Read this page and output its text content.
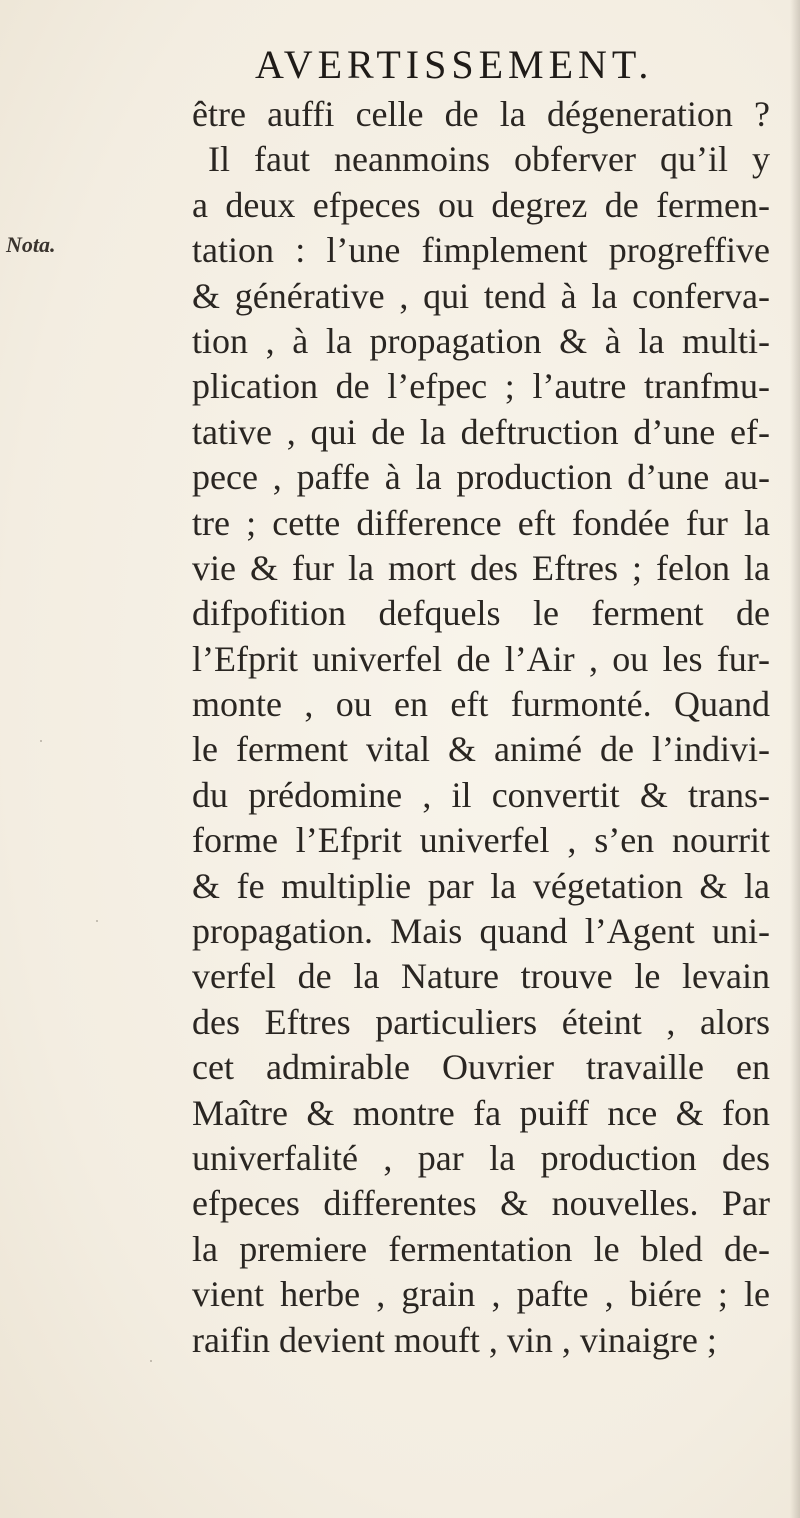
AVERTISSEMENT.
Nota.
être auffi celle de la dégeneration ?
Il faut neanmoins obferver qu’il y
a deux efpeces ou degrez de fermen-
tation : l’une fimplement progreffive
& générative , qui tend à la conferva-
tion , à la propagation & à la multi-
plication de l’efpec ; l’autre tranfmu-
tative , qui de la deftruction d’une ef-
pece , paffe à la production d’une au-
tre ; cette difference eft fondée fur la
vie & fur la mort des Eftres ; felon la
difpofition defquels le ferment de
l’Efprit univerfel de l’Air , ou les fur-
monte , ou en eft furmonté. Quand
le ferment vital & animé de l’indivi-
du prédomine , il convertit & trans-
forme l’Efprit univerfel , s’en nourrit
& fe multiplie par la végetation & la
propagation. Mais quand l’Agent uni-
verfel de la Nature trouve le levain
des Eftres particuliers éteint , alors
cet admirable Ouvrier travaille en
Maître & montre fa puiff nce & fon
univerfalité , par la production des
efpeces differentes & nouvelles. Par
la premiere fermentation le bled de-
vient herbe , grain , pafte , biére ; le
raifin devient mouft , vin , vinaigre ;
